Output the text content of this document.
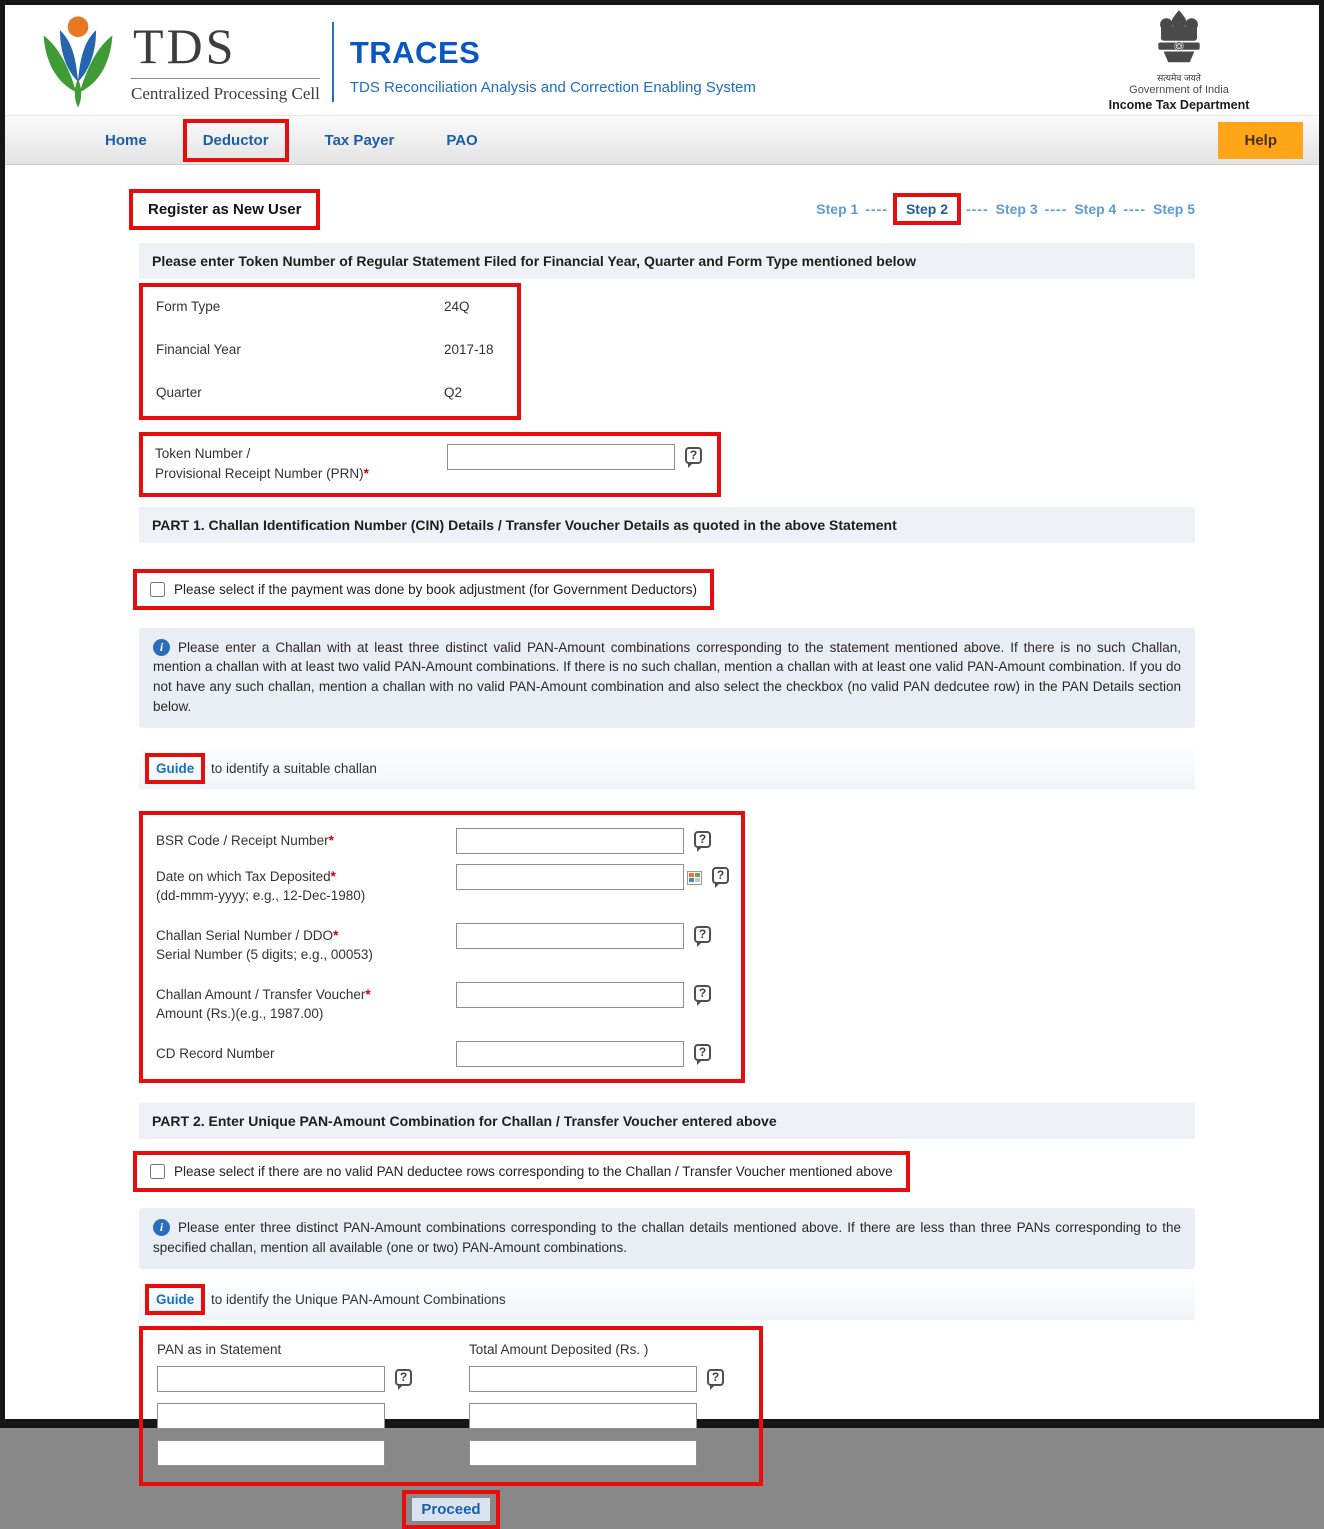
TDS
Centralized Processing Cell
TRACES
TDS Reconciliation Analysis and Correction Enabling System
सत्यमेव जयते
Government of India
Income Tax Department
Home	Deductor	Tax Payer	PAO	Help
Register as New User	Step 1 ----	Step 2	---- Step 3 ---- Step 4 ---- Step 5
Please enter Token Number of Regular Statement Filed for Financial Year, Quarter and Form Type mentioned below
Form Type	24Q
Financial Year	2017-18
Quarter	Q2
Token Number /
Provisional Receipt Number (PRN)*
?
PART 1. Challan Identification Number (CIN) Details / Transfer Voucher Details as quoted in the above Statement
Please select if the payment was done by book adjustment (for Government Deductors)
i	Please enter a Challan with at least three distinct valid PAN-Amount combinations corresponding to the statement mentioned above. If there is no such Challan, mention a challan with at least two valid PAN-Amount combinations. If there is no such challan, mention a challan with at least one valid PAN-Amount combination. If you do not have any such challan, mention a challan with no valid PAN-Amount combination and also select the checkbox (no valid PAN dedcutee row) in the PAN Details section below.
Guide to identify a suitable challan
BSR Code / Receipt Number*	?
Date on which Tax Deposited*
(dd-mmm-yyyy; e.g., 12-Dec-1980)
?
Challan Serial Number / DDO*
Serial Number (5 digits; e.g., 00053)
?
Challan Amount / Transfer Voucher*
Amount (Rs.)(e.g., 1987.00)
?
CD Record Number	?
PART 2. Enter Unique PAN-Amount Combination for Challan / Transfer Voucher entered above
Please select if there are no valid PAN deductee rows corresponding to the Challan / Transfer Voucher mentioned above
i	Please enter three distinct PAN-Amount combinations corresponding to the challan details mentioned above. If there are less than three PANs corresponding to the specified challan, mention all available (one or two) PAN-Amount combinations.
Guide to identify the Unique PAN-Amount Combinations
PAN as in Statement	Total Amount Deposited (Rs. )
?	?
Proceed
